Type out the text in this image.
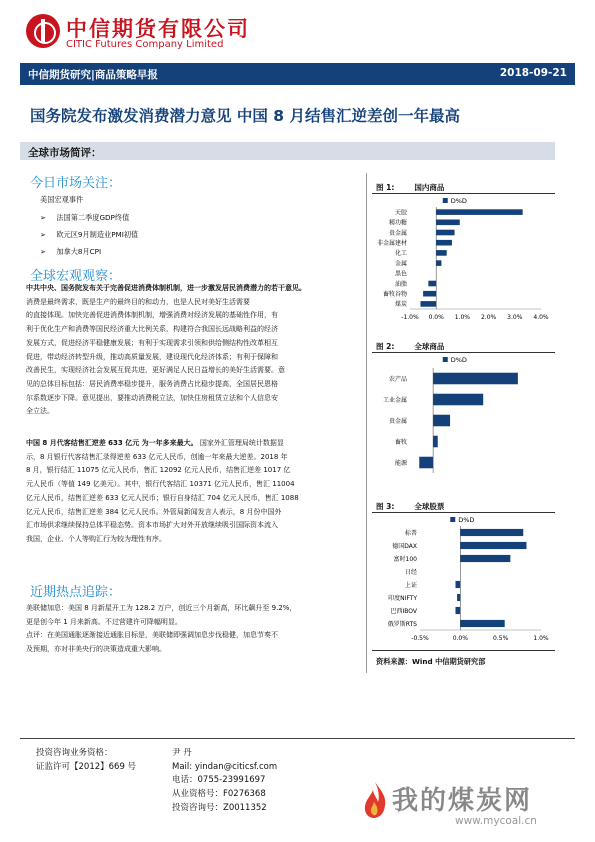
中信期货有限公司
CITIC Futures Company Limited
中信期货研究|商品策略早报	2018-09-21
国务院发布激发消费潜力意见 中国 8 月结售汇逆差创一年最高
全球市场简评：
今日市场关注：
美国宏观事件
➢ 法国第二季度GDP终值
➢ 欧元区9月制造业PMI初值
➢ 加拿大8月CPI
全球宏观观察：
中共中央、国务院发布关于完善促进消费体制机制，进一步激发居民消费潜力的若干意见。
消费是最终需求，既是生产的最终目的和动力，也是人民对美好生活需要
的直接体现。加快完善促进消费体制机制，增强消费对经济发展的基础性作用，有
利于优化生产和消费等国民经济重大比例关系，构建符合我国长远战略利益的经济
发展方式，促进经济平稳健康发展；有利于实现需求引领和供给侧结构性改革相互
促进，带动经济转型升级，推动高质量发展，建设现代化经济体系；有利于保障和
改善民生，实现经济社会发展互促共进，更好满足人民日益增长的美好生活需要。意
见的总体目标包括：居民消费率稳步提升，服务消费占比稳步提高，全国居民恩格
尔系数逐步下降。意见提出，要推动消费税立法，加快住房租赁立法和个人信息安
全立法。
中国 8 月代客结售汇逆差 633 亿元 为一年多来最大。 国家外汇管理局统计数据显
示，8 月银行代客结售汇录得逆差 633 亿元人民币，创逾一年来最大逆差。2018 年
8 月，银行结汇 11075 亿元人民币，售汇 12092 亿元人民币，结售汇逆差 1017 亿
元人民币（等值 149 亿美元）。其中，银行代客结汇 10371 亿元人民币，售汇 11004
亿元人民币，结售汇逆差 633 亿元人民币；银行自身结汇 704 亿元人民币，售汇 1088
亿元人民币，结售汇逆差 384 亿元人民币。外管局新闻发言人表示，8 月份中国外
汇市场供求继续保持总体平稳态势。资本市场扩大对外开放继续吸引国际资本流入
我国，企业、个人等购汇行为较为理性有序。
近期热点追踪：
美联储加息：美国 8 月新屋开工为 128.2 万户，创近三个月新高，环比飙升至 9.2%，
更是创今年 1 月来新高。不过营建许可降幅明显。
点评：在美国通胀逐渐接近通胀目标是，美联储即强调加息步伐稳健，加息节奏不
及预期，亦对非美央行的决策造成重大影响。
图 1:	国内商品
D%D
天胶
精功糖
贵金属
非金属建材
化工
金属
黑色
油脂
畜牧谷物
煤炭
-1.0% 0.0% 1.0% 2.0% 3.0% 4.0%
图 2:	全球商品
D%D
农产品
工业金属
贵金属
畜牧
能源
图 3:	全球股票
D%D
标普
德国DAX
富时100
日经
上证
印度NIFTY
巴西IBOV
俄罗斯RTS
-0.5%	0.0%	0.5%	1.0%
资料来源：Wind 中信期货研究部
投资咨询业务资格：
证监许可【2012】669 号
尹 丹
Mail: yindan@citicsf.com
电话：0755-23991697
从业资格号：F0276368
投资咨询号：Z0011352	我的煤炭网
www.mycoal.cn
